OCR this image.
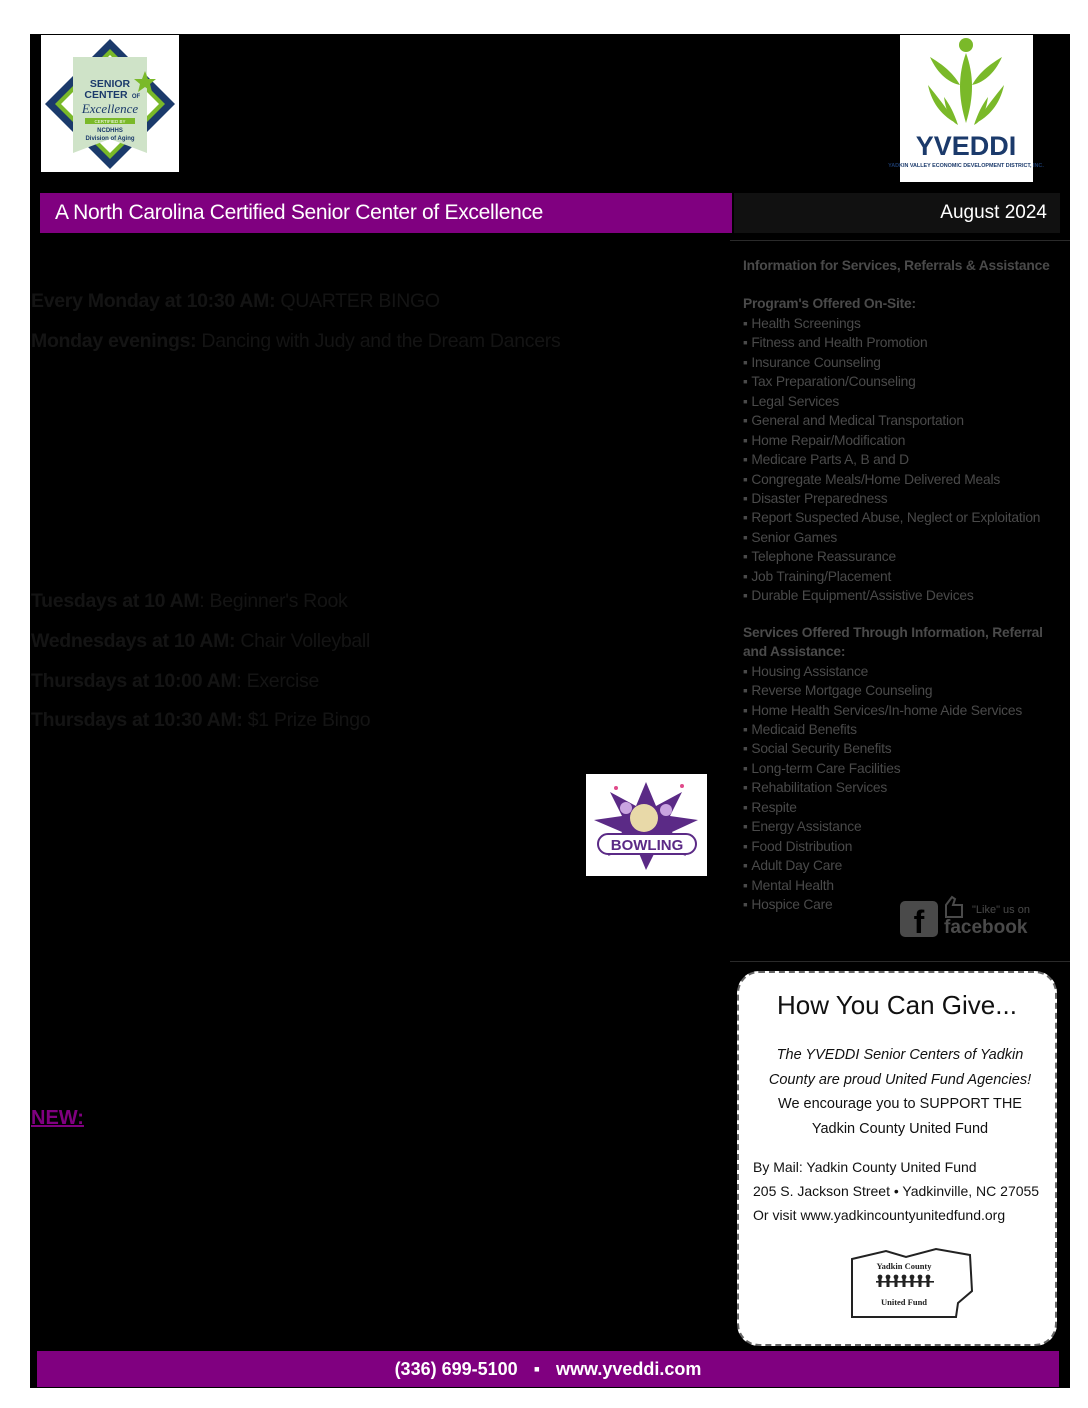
SENIOR
CENTER OF
Excellence
CERTIFIED BY
NCDHHS
Division of Aging	YVEDDI
YADKIN VALLEY ECONOMIC DEVELOPMENT DISTRICT, INC.
A North Carolina Certified Senior Center of Excellence	August 2024
Every Monday at 10:30 AM: QUARTER BINGO
Monday evenings: Dancing with Judy and the Dream Dancers
Tuesdays at 10 AM: Beginner's Rook
Wednesdays at 10 AM: Chair Volleyball
Thursdays at 10:00 AM: Exercise
Thursdays at 10:30 AM: $1 Prize Bingo
NEW:
BOWLING
Information for Services, Referrals & Assistance
Program's Offered On-Site:
▪ Health Screenings
▪ Fitness and Health Promotion
▪ Insurance Counseling
▪ Tax Preparation/Counseling
▪ Legal Services
▪ General and Medical Transportation
▪ Home Repair/Modification
▪ Medicare Parts A, B and D
▪ Congregate Meals/Home Delivered Meals
▪ Disaster Preparedness
▪ Report Suspected Abuse, Neglect or Exploitation
▪ Senior Games
▪ Telephone Reassurance
▪ Job Training/Placement
▪ Durable Equipment/Assistive Devices
Services Offered Through Information, Referral and Assistance:
▪ Housing Assistance
▪ Reverse Mortgage Counseling
▪ Home Health Services/In-home Aide Services
▪ Medicaid Benefits
▪ Social Security Benefits
▪ Long-term Care Facilities
▪ Rehabilitation Services
▪ Respite
▪ Energy Assistance
▪ Food Distribution
▪ Adult Day Care
▪ Mental Health
▪ Hospice Care	f	"Like" us on
facebook
How You Can Give...
The YVEDDI Senior Centers of Yadkin
County are proud United Fund Agencies!
We encourage you to SUPPORT THE
Yadkin County United Fund
By Mail: Yadkin County United Fund
205 S. Jackson Street • Yadkinville, NC 27055
Or visit www.yadkincountyunitedfund.org
Yadkin County
United Fund
(336) 699-5100 ▪ www.yveddi.com
